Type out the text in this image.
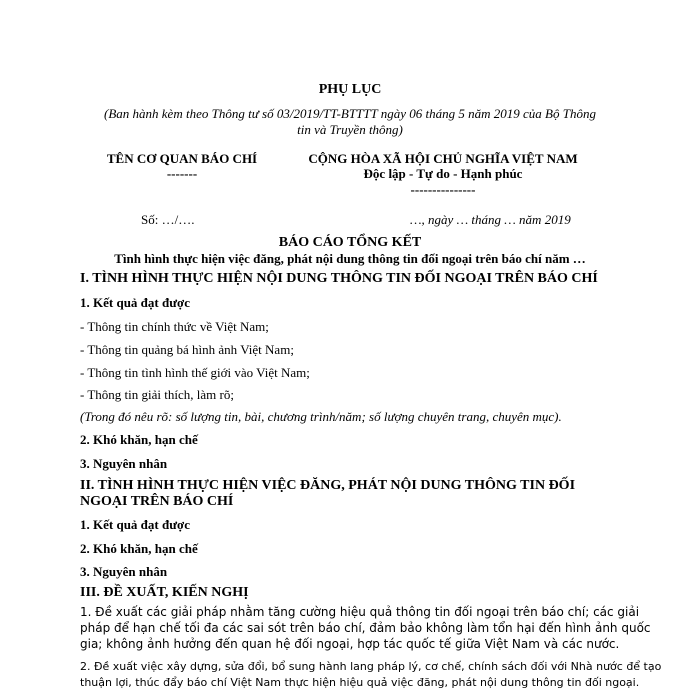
PHỤ LỤC
(Ban hành kèm theo Thông tư số 03/2019/TT-BTTTT ngày 06 tháng 5 năm 2019 của Bộ Thông
tin và Truyền thông)
TÊN CƠ QUAN BÁO CHÍ
-------
CỘNG HÒA XÃ HỘI CHỦ NGHĨA VIỆT NAM
Độc lập - Tự do - Hạnh phúc
---------------
Số: …/….	…, ngày … tháng … năm 2019
BÁO CÁO TỔNG KẾT
Tình hình thực hiện việc đăng, phát nội dung thông tin đối ngoại trên báo chí năm …
I. TÌNH HÌNH THỰC HIỆN NỘI DUNG THÔNG TIN ĐỐI NGOẠI TRÊN BÁO CHÍ
1. Kết quả đạt được
- Thông tin chính thức về Việt Nam;
- Thông tin quảng bá hình ảnh Việt Nam;
- Thông tin tình hình thế giới vào Việt Nam;
- Thông tin giải thích, làm rõ;
(Trong đó nêu rõ: số lượng tin, bài, chương trình/năm; số lượng chuyên trang, chuyên mục).
2. Khó khăn, hạn chế
3. Nguyên nhân
II. TÌNH HÌNH THỰC HIỆN VIỆC ĐĂNG, PHÁT NỘI DUNG THÔNG TIN ĐỐI
NGOẠI TRÊN BÁO CHÍ
1. Kết quả đạt được
2. Khó khăn, hạn chế
3. Nguyên nhân
III. ĐỀ XUẤT, KIẾN NGHỊ
1. Đề xuất các giải pháp nhằm tăng cường hiệu quả thông tin đối ngoại trên báo chí; các giải
pháp để hạn chế tối đa các sai sót trên báo chí, đảm bảo không làm tổn hại đến hình ảnh quốc
gia; không ảnh hưởng đến quan hệ đối ngoại, hợp tác quốc tế giữa Việt Nam và các nước.
2. Đề xuất việc xây dựng, sửa đổi, bổ sung hành lang pháp lý, cơ chế, chính sách đối với Nhà nước để tạo
thuận lợi, thúc đẩy báo chí Việt Nam thực hiện hiệu quả việc đăng, phát nội dung thông tin đối ngoại.
